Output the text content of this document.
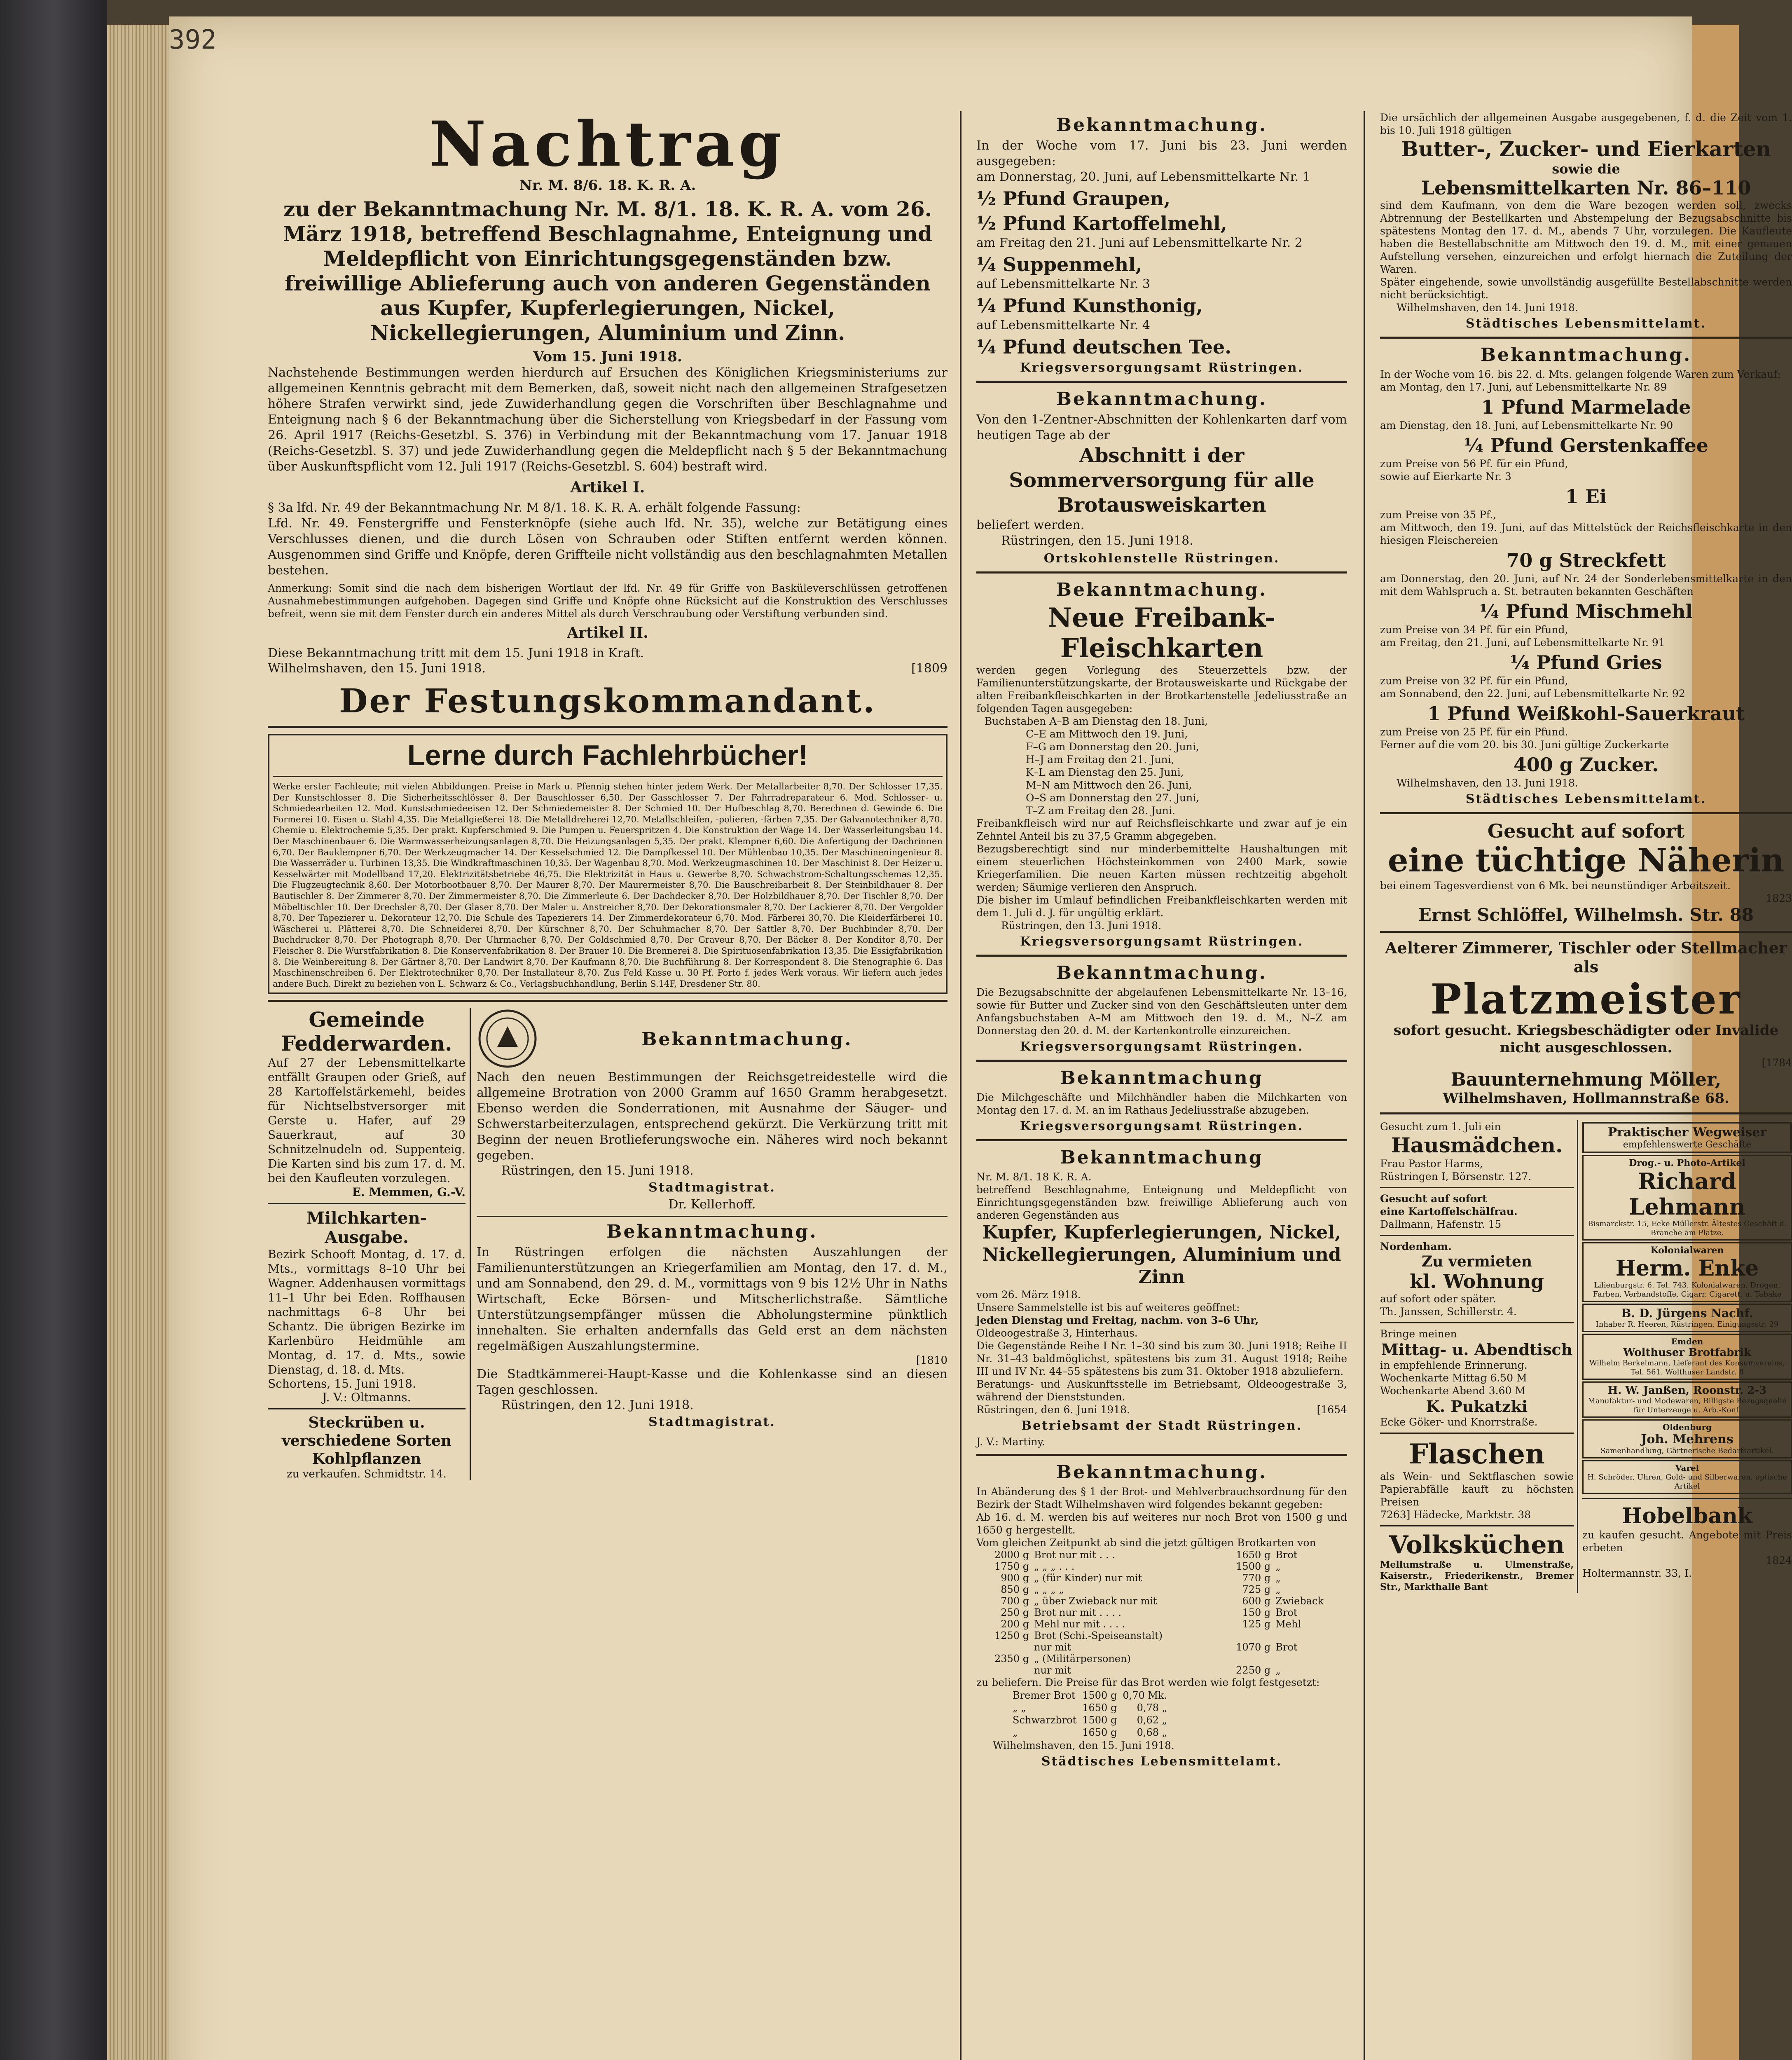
392
Nachtrag
Nr. M. 8/6. 18. K. R. A.
zu der Bekanntmachung Nr. M. 8/1. 18. K. R. A. vom 26. März 1918, betreffend Beschlagnahme, Enteignung und Meldepflicht von Einrichtungsgegenständen bzw. freiwillige Ablieferung auch von anderen Gegenständen aus Kupfer, Kupferlegierungen, Nickel, Nickellegierungen, Aluminium und Zinn.
Vom 15. Juni 1918.

Nachstehende Bestimmungen werden hierdurch auf Ersuchen des Königlichen Kriegsministeriums zur allgemeinen Kenntnis gebracht mit dem Bemerken, daß, soweit nicht nach den allgemeinen Strafgesetzen höhere Strafen verwirkt sind, jede Zuwiderhandlung gegen die Vorschriften über Beschlagnahme und Enteignung nach § 6 der Bekanntmachung über die Sicherstellung von Kriegsbedarf in der Fassung vom 26. April 1917 (Reichs-Gesetzbl. S. 376) in Verbindung mit der Bekanntmachung vom 17. Januar 1918 (Reichs-Gesetzbl. S. 37) und jede Zuwiderhandlung gegen die Meldepflicht nach § 5 der Bekanntmachung über Auskunftspflicht vom 12. Juli 1917 (Reichs-Gesetzbl. S. 604) bestraft wird.

Artikel I.

§ 3a lfd. Nr. 49 der Bekanntmachung Nr. M 8/1. 18. K. R. A. erhält folgende Fassung:

Lfd. Nr. 49. Fenstergriffe und Fensterknöpfe (siehe auch lfd. Nr. 35), welche zur Betätigung eines Verschlusses dienen, und die durch Lösen von Schrauben oder Stiften entfernt werden können. Ausgenommen sind Griffe und Knöpfe, deren Griffteile nicht vollständig aus den beschlagnahmten Metallen bestehen.

Anmerkung: Somit sind die nach dem bisherigen Wortlaut der lfd. Nr. 49 für Griffe von Basküleverschlüssen getroffenen Ausnahmebestimmungen aufgehoben. Dagegen sind Griffe und Knöpfe ohne Rücksicht auf die Konstruktion des Verschlusses befreit, wenn sie mit dem Fenster durch ein anderes Mittel als durch Verschraubung oder Verstiftung verbunden sind.

Artikel II.

Diese Bekanntmachung tritt mit dem 15. Juni 1918 in Kraft.

Wilhelmshaven, den 15. Juni 1918.	[1809
Der Festungskommandant.
Lerne durch Fachlehrbücher!

Werke erster Fachleute; mit vielen Abbildungen. Preise in Mark u. Pfennig stehen hinter jedem Werk. Der Metallarbeiter 8,70. Der Schlosser 17,35. Der Kunstschlosser 8. Die Sicherheitsschlösser 8. Der Bauschlosser 6,50. Der Gasschlosser 7. Der Fahrradreparateur 6. Mod. Schlosser- u. Schmiedearbeiten 12. Mod. Kunstschmiedeeisen 12. Der Schmiedemeister 8. Der Schmied 10. Der Hufbeschlag 8,70. Berechnen d. Gewinde 6. Die Formerei 10. Eisen u. Stahl 4,35. Die Metallgießerei 18. Die Metalldreherei 12,70. Metallschleifen, -polieren, -färben 7,35. Der Galvanotechniker 8,70. Chemie u. Elektrochemie 5,35. Der prakt. Kupferschmied 9. Die Pumpen u. Feuerspritzen 4. Die Konstruktion der Wage 14. Der Wasserleitungsbau 14. Der Maschinenbauer 6. Die Warmwasserheizungsanlagen 8,70. Die Heizungsanlagen 5,35. Der prakt. Klempner 6,60. Die Anfertigung der Dachrinnen 6,70. Der Bauklempner 6,70. Der Werkzeugmacher 14. Der Kesselschmied 12. Die Dampfkessel 10. Der Mühlenbau 10,35. Der Maschineningenieur 8. Die Wasserräder u. Turbinen 13,35. Die Windkraftmaschinen 10,35. Der Wagenbau 8,70. Mod. Werkzeugmaschinen 10. Der Maschinist 8. Der Heizer u. Kesselwärter mit Modellband 17,20. Elektrizitätsbetriebe 46,75. Die Elektrizität in Haus u. Gewerbe 8,70. Schwachstrom-Schaltungsschemas 12,35. Die Flugzeugtechnik 8,60. Der Motorbootbauer 8,70. Der Maurer 8,70. Der Maurermeister 8,70. Die Bauschreibarbeit 8. Der Steinbildhauer 8. Der Bautischler 8. Der Zimmerer 8,70. Der Zimmermeister 8,70. Die Zimmerleute 6. Der Dachdecker 8,70. Der Holzbildhauer 8,70. Der Tischler 8,70. Der Möbeltischler 10. Der Drechsler 8,70. Der Glaser 8,70. Der Maler u. Anstreicher 8,70. Der Dekorationsmaler 8,70. Der Lackierer 8,70. Der Vergolder 8,70. Der Tapezierer u. Dekorateur 12,70. Die Schule des Tapezierers 14. Der Zimmerdekorateur 6,70. Mod. Färberei 30,70. Die Kleiderfärberei 10. Wäscherei u. Plätterei 8,70. Die Schneiderei 8,70. Der Kürschner 8,70. Der Schuhmacher 8,70. Der Sattler 8,70. Der Buchbinder 8,70. Der Buchdrucker 8,70. Der Photograph 8,70. Der Uhrmacher 8,70. Der Goldschmied 8,70. Der Graveur 8,70. Der Bäcker 8. Der Konditor 8,70. Der Fleischer 8. Die Wurstfabrikation 8. Die Konservenfabrikation 8. Der Brauer 10. Die Brennerei 8. Die Spirituosenfabrikation 13,35. Die Essigfabrikation 8. Die Weinbereitung 8. Der Gärtner 8,70. Der Landwirt 8,70. Der Kaufmann 8,70. Die Buchführung 8. Der Korrespondent 8. Die Stenographie 6. Das Maschinenschreiben 6. Der Elektrotechniker 8,70. Der Installateur 8,70. Zus Feld Kasse u. 30 Pf. Porto f. jedes Werk voraus. Wir liefern auch jedes andere Buch. Direkt zu beziehen von L. Schwarz & Co., Verlagsbuchhandlung, Berlin S.14F, Dresdener Str. 80.

Gemeinde Fedderwarden.

Auf 27 der Lebensmittelkarte entfällt Graupen oder Grieß, auf 28 Kartoffelstärkemehl, beides für Nichtselbstversorger mit Gerste u. Hafer, auf 29 Sauerkraut, auf 30 Schnitzelnudeln od. Suppenteig. Die Karten sind bis zum 17. d. M. bei den Kaufleuten vorzulegen.

E. Memmen, G.-V.
Milchkarten-Ausgabe.

Bezirk Schooft Montag, d. 17. d. Mts., vormittags 8–10 Uhr bei Wagner. Addenhausen vormittags 11–1 Uhr bei Eden. Roffhausen nachmittags 6–8 Uhr bei Schantz. Die übrigen Bezirke im Karlenbüro Heidmühle am Montag, d. 17. d. Mts., sowie Dienstag, d. 18. d. Mts.

Schortens, 15. Juni 1918.
J. V.: Oltmanns.
Steckrüben u. verschiedene Sorten Kohlpflanzen
zu verkaufen. Schmidtstr. 14.
Bekanntmachung.

Nach den neuen Bestimmungen der Reichsgetreidestelle wird die allgemeine Brotration von 2000 Gramm auf 1650 Gramm herabgesetzt. Ebenso werden die Sonderrationen, mit Ausnahme der Säuger- und Schwerstarbeiterzulagen, entsprechend gekürzt. Die Verkürzung tritt mit Beginn der neuen Brotlieferungswoche ein. Näheres wird noch bekannt gegeben.

Rüstringen, den 15. Juni 1918.
Stadtmagistrat.
Dr. Kellerhoff.
Bekanntmachung.

In Rüstringen erfolgen die nächsten Auszahlungen der Familienunterstützungen an Kriegerfamilien am Montag, den 17. d. M., und am Sonnabend, den 29. d. M., vormittags von 9 bis 12½ Uhr in Naths Wirtschaft, Ecke Börsen- und Mitscherlichstraße. Sämtliche Unterstützungsempfänger müssen die Abholungstermine pünktlich innehalten. Sie erhalten andernfalls das Geld erst an dem nächsten regelmäßigen Auszahlungstermine.

[1810

Die Stadtkämmerei-Haupt-Kasse und die Kohlenkasse sind an diesen Tagen geschlossen.

Rüstringen, den 12. Juni 1918.
Stadtmagistrat.
Bekanntmachung.

In der Woche vom 17. Juni bis 23. Juni werden ausgegeben:

am Donnerstag, 20. Juni, auf Lebensmittelkarte Nr. 1
½ Pfund Graupen,
½ Pfund Kartoffelmehl,
am Freitag den 21. Juni auf Lebensmittelkarte Nr. 2
¼ Suppenmehl,
auf Lebensmittelkarte Nr. 3
¼ Pfund Kunsthonig,
auf Lebensmittelkarte Nr. 4
¼ Pfund deutschen Tee.
Kriegsversorgungsamt Rüstringen.
Bekanntmachung.

Von den 1-Zentner-Abschnitten der Kohlenkarten darf vom heutigen Tage ab der

Abschnitt i der Sommerversorgung für alle Brotausweiskarten

beliefert werden.

Rüstringen, den 15. Juni 1918.
Ortskohlenstelle Rüstringen.
Bekanntmachung.
Neue Freibank-Fleischkarten

werden gegen Vorlegung des Steuerzettels bzw. der Familienunterstützungskarte, der Brotausweiskarte und Rückgabe der alten Freibankfleischkarten in der Brotkartenstelle Jedeliusstraße an folgenden Tagen ausgegeben:

Buchstaben A–B am Dienstag den 18. Juni,
C–E am Mittwoch den 19. Juni,
F–G am Donnerstag den 20. Juni,
H–J am Freitag den 21. Juni,
K–L am Dienstag den 25. Juni,
M–N am Mittwoch den 26. Juni,
O–S am Donnerstag den 27. Juni,
T–Z am Freitag den 28. Juni.

Freibankfleisch wird nur auf Reichsfleischkarte und zwar auf je ein Zehntel Anteil bis zu 37,5 Gramm abgegeben.

Bezugsberechtigt sind nur minderbemittelte Haushaltungen mit einem steuerlichen Höchsteinkommen von 2400 Mark, sowie Kriegerfamilien. Die neuen Karten müssen rechtzeitig abgeholt werden; Säumige verlieren den Anspruch.

Die bisher im Umlauf befindlichen Freibankfleischkarten werden mit dem 1. Juli d. J. für ungültig erklärt.

Rüstringen, den 13. Juni 1918.
Kriegsversorgungsamt Rüstringen.
Bekanntmachung.

Die Bezugsabschnitte der abgelaufenen Lebensmittelkarte Nr. 13–16, sowie für Butter und Zucker sind von den Geschäftsleuten unter dem Anfangsbuchstaben A–M am Mittwoch den 19. d. M., N–Z am Donnerstag den 20. d. M. der Kartenkontrolle einzureichen.

Kriegsversorgungsamt Rüstringen.
Bekanntmachung

Die Milchgeschäfte und Milchhändler haben die Milchkarten von Montag den 17. d. M. an im Rathaus Jedeliusstraße abzugeben.

Kriegsversorgungsamt Rüstringen.
Bekanntmachung
Nr. M. 8/1. 18 K. R. A.

betreffend Beschlagnahme, Enteignung und Meldepflicht von Einrichtungsgegenständen bzw. freiwillige Ablieferung auch von anderen Gegenständen aus

Kupfer, Kupferlegierungen, Nickel, Nickellegierungen, Aluminium und Zinn
vom 26. März 1918.

Unsere Sammelstelle ist bis auf weiteres geöffnet:

jeden Dienstag und Freitag, nachm. von 3–6 Uhr,
Oldeoogestraße 3, Hinterhaus.

Die Gegenstände Reihe I Nr. 1–30 sind bis zum 30. Juni 1918; Reihe II Nr. 31–43 baldmöglichst, spätestens bis zum 31. August 1918; Reihe III und IV Nr. 44–55 spätestens bis zum 31. Oktober 1918 abzuliefern.

Beratungs- und Auskunftsstelle im Betriebsamt, Oldeoogestraße 3, während der Dienststunden.

Rüstringen, den 6. Juni 1918.	[1654
Betriebsamt der Stadt Rüstringen.
J. V.: Martiny.
Bekanntmachung.

In Abänderung des § 1 der Brot- und Mehlverbrauchsordnung für den Bezirk der Stadt Wilhelmshaven wird folgendes bekannt gegeben:

Ab 16. d. M. werden bis auf weiteres nur noch Brot von 1500 g und 1650 g hergestellt.

Vom gleichen Zeitpunkt ab sind die jetzt gültigen Brotkarten von

2000 g	Brot nur mit . . .	1650 g	Brot
1750 g	„ „ „ . . .	1500 g	„
900 g	„ (für Kinder) nur mit	770 g	„
850 g	„ „ „ „	725 g	„
700 g	„ über Zwieback nur mit	600 g	Zwieback
250 g	Brot nur mit . . . .	150 g	Brot
200 g	Mehl nur mit . . . .	125 g	Mehl
1250 g	Brot (Schi.-Speiseanstalt)		
	nur mit	1070 g	Brot
2350 g	„ (Militärpersonen)		
	nur mit	2250 g	„

zu beliefern. Die Preise für das Brot werden wie folgt festgesetzt:

Bremer Brot	1500 g	0,70 Mk.
„ „	1650 g	0,78 „
Schwarzbrot	1500 g	0,62 „
„	1650 g	0,68 „
Wilhelmshaven, den 15. Juni 1918.
Städtisches Lebensmittelamt.

Die ursächlich der allgemeinen Ausgabe ausgegebenen, f. d. die Zeit vom 1. bis 10. Juli 1918 gültigen

Butter-, Zucker- und Eierkarten
sowie die
Lebensmittelkarten Nr. 86–110

sind dem Kaufmann, von dem die Ware bezogen werden soll, zwecks Abtrennung der Bestellkarten und Abstempelung der Bezugsabschnitte bis spätestens Montag den 17. d. M., abends 7 Uhr, vorzulegen. Die Kaufleute haben die Bestellabschnitte am Mittwoch den 19. d. M., mit einer genauen Aufstellung versehen, einzureichen und erfolgt hiernach die Zuteilung der Waren.

Später eingehende, sowie unvollständig ausgefüllte Bestellabschnitte werden nicht berücksichtigt.

Wilhelmshaven, den 14. Juni 1918.
Städtisches Lebensmittelamt.
Bekanntmachung.

In der Woche vom 16. bis 22. d. Mts. gelangen folgende Waren zum Verkauf:

am Montag, den 17. Juni, auf Lebensmittelkarte Nr. 89
1 Pfund Marmelade
am Dienstag, den 18. Juni, auf Lebensmittelkarte Nr. 90
¼ Pfund Gerstenkaffee
zum Preise von 56 Pf. für ein Pfund,
sowie auf Eierkarte Nr. 3
1 Ei
zum Preise von 35 Pf.,
am Mittwoch, den 19. Juni, auf das Mittelstück der Reichsfleischkarte in den hiesigen Fleischereien
70 g Streckfett
am Donnerstag, den 20. Juni, auf Nr. 24 der Sonderlebensmittelkarte in den mit dem Wahlspruch a. St. betrauten bekannten Geschäften
¼ Pfund Mischmehl
zum Preise von 34 Pf. für ein Pfund,
am Freitag, den 21. Juni, auf Lebensmittelkarte Nr. 91
¼ Pfund Gries
zum Preise von 32 Pf. für ein Pfund,
am Sonnabend, den 22. Juni, auf Lebensmittelkarte Nr. 92
1 Pfund Weißkohl-Sauerkraut
zum Preise von 25 Pf. für ein Pfund.
Ferner auf die vom 20. bis 30. Juni gültige Zuckerkarte
400 g Zucker.
Wilhelmshaven, den 13. Juni 1918.
Städtisches Lebensmittelamt.
Gesucht auf sofort
eine tüchtige Näherin
bei einem Tagesverdienst von 6 Mk. bei neunstündiger Arbeitszeit.
1823
Ernst Schlöffel, Wilhelmsh. Str. 88
Aelterer Zimmerer, Tischler oder Stellmacher als
Platzmeister
sofort gesucht. Kriegsbeschädigter oder Invalide nicht ausgeschlossen.
[1784
Bauunternehmung Möller,
Wilhelmshaven, Hollmannstraße 68.
Gesucht zum 1. Juli ein
Hausmädchen.
Frau Pastor Harms,
Rüstringen I, Börsenstr. 127.
Gesucht auf sofort
eine Kartoffelschälfrau.
Dallmann, Hafenstr. 15
Nordenham.
Zu vermieten
kl. Wohnung
auf sofort oder später.
Th. Janssen, Schillerstr. 4.
Bringe meinen
Mittag- u. Abendtisch
in empfehlende Erinnerung.
Wochenkarte Mittag 6.50 M
Wochenkarte Abend 3.60 M
K. Pukatzki
Ecke Göker- und Knorrstraße.
Flaschen
als Wein- und Sektflaschen sowie Papierabfälle kauft zu höchsten Preisen
7263] Hädecke, Marktstr. 38
Volksküchen
Mellumstraße u. Ulmenstraße, Kaiserstr., Friederikenstr., Bremer Str., Markthalle Bant
Praktischer Wegweiser
empfehlenswerte Geschäfte
Drog.- u. Photo-Artikel
Richard Lehmann
Bismarckstr. 15, Ecke Müllerstr. Ältestes Geschäft d. Branche am Platze.
Kolonialwaren
Herm. Enke
Lilienburgstr. 6. Tel. 743. Kolonialwaren, Drogen, Farben, Verbandstoffe, Cigarr. Cigarett. u. Tabake
B. D. Jürgens Nachf.
Inhaber R. Heeren, Rüstringen, Einigungsstr. 29
Emden
Wolthuser Brotfabrik
Wilhelm Berkelmann, Lieferant des Konsumvereins, Tel. 561. Wolthuser Landstr. 8
H. W. Janßen, Roonstr. 2-3
Manufaktur- und Modewaren, Billigste Bezugsquelle für Unterzeuge u. Arb.-Konf.
Oldenburg
Joh. Mehrens
Samenhandlung, Gärtnerische Bedarfsartikel.
Varel
H. Schröder, Uhren, Gold- und Silberwaren, optische Artikel
Hobelbank
zu kaufen gesucht. Angebote mit Preis erbeten
1824
Holtermannstr. 33, I.
